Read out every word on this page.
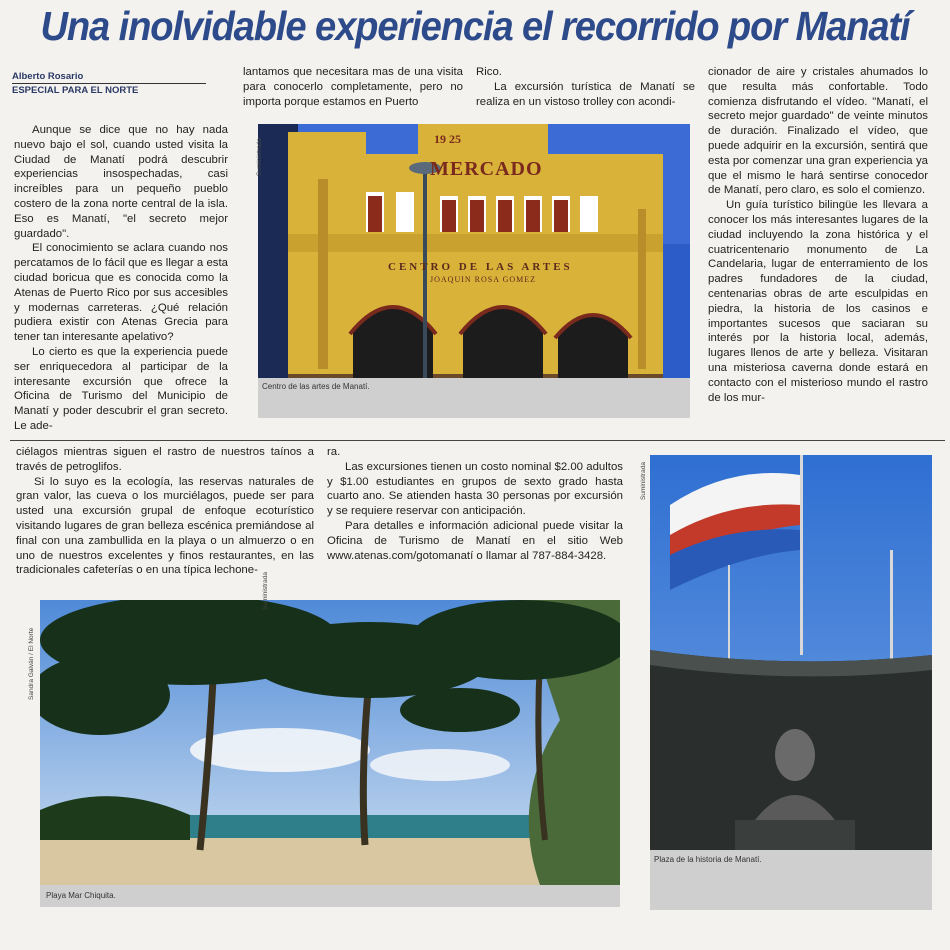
Una inolvidable experiencia el recorrido por Manatí
Alberto Rosario
ESPECIAL PARA EL NORTE

Aunque se dice que no hay nada nuevo bajo el sol, cuando usted visita la Ciudad de Manatí podrá descubrir experiencias insospechadas, casi increíbles para un pequeño pueblo costero de la zona norte central de la isla. Eso es Manatí, "el secreto mejor guardado".

El conocimiento se aclara cuando nos percatamos de lo fácil que es llegar a esta ciudad boricua que es conocida como la Atenas de Puerto Rico por sus accesibles y modernas carreteras. ¿Qué relación pudiera existir con Atenas Grecia para tener tan interesante apelativo?

Lo cierto es que la experiencia puede ser enriquecedora al participar de la interesante excursión que ofrece la Oficina de Turismo del Municipio de Manatí y poder descubrir el gran secreto. Le ade-

lantamos que necesitara mas de una visita para conocerlo completamente, pero no importa porque estamos en Puerto

Rico.

La excursión turística de Manatí se realiza en un vistoso trolley con acondi-

cionador de aire y cristales ahumados lo que resulta más confortable. Todo comienza disfrutando el vídeo. "Manatí, el secreto mejor guardado" de veinte minutos de duración. Finalizado el vídeo, que puede adquirir en la excursión, sentirá que esta por comenzar una gran experiencia ya que el mismo le hará sentirse conocedor de Manatí, pero claro, es solo el comienzo.

Un guía turístico bilingüe les llevara a conocer los más interesantes lugares de la ciudad incluyendo la zona histórica y el cuatricentenario monumento de La Candelaria, lugar de enterramiento de los padres fundadores de la ciudad, centenarias obras de arte esculpidas en piedra, la historia de los casinos e importantes sucesos que saciaran su interés por la historia local, además, lugares llenos de arte y belleza. Visitaran una misteriosa caverna donde estará en contacto con el misterioso mundo el rastro de los mur-

19 25
MERCADO
CENTRO DE LAS ARTES
JOAQUIN ROSA GOMEZ
Suministrada
Centro de las artes de Manatí.

ciélagos mientras siguen el rastro de nuestros taínos a través de petroglifos.

Si lo suyo es la ecología, las reservas naturales de gran valor, las cueva o los murciélagos, puede ser para usted una excursión grupal de enfoque ecoturístico visitando lugares de gran belleza escénica premiándose al final con una zambullida en la playa o un almuerzo o en uno de nuestros excelentes y finos restaurantes, en las tradicionales cafeterías o en una típica lechone-

ra.

Las excursiones tienen un costo nominal $2.00 adultos y $1.00 estudiantes en grupos de sexto grado hasta cuarto ano. Se atienden hasta 30 personas por excursión y se requiere reservar con anticipación.

Para detalles e información adicional puede visitar la Oficina de Turismo de Manatí en el sitio Web www.atenas.com/gotomanatí o llamar al 787-884-3428.

Sandra Galván / El Norte
Suministrada
Playa Mar Chiquita.
Suministrada
Plaza de la historia de Manatí.
